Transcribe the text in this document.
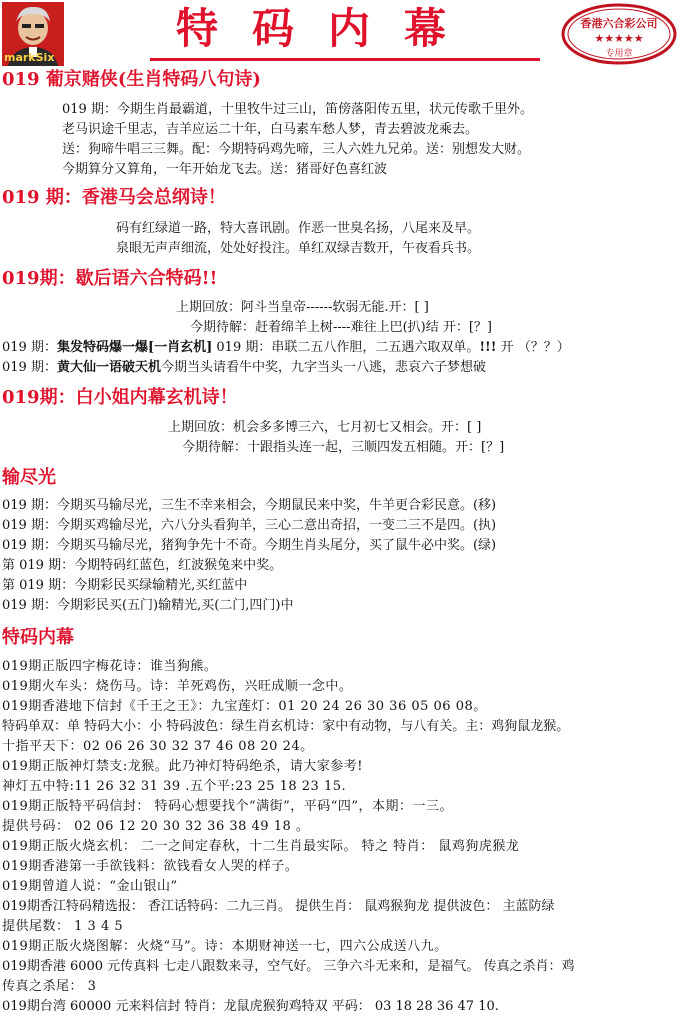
markSix
特码内幕	香港六合彩公司
★★★★★
专用章
019 葡京赌侠(生肖特码八句诗)
019 期：今期生肖最霸道，十里牧牛过三山，笛傍落阳传五里，状元传歌千里外。
老马识途千里志，吉羊应运二十年，白马素车愁人梦，青去碧波龙乘去。
送：狗啼牛唱三三舞。配：今期特码鸡先啼，三人六姓九兄弟。送：别想发大财。
今期算分又算角，一年开始龙飞去。送：猪哥好色喜红波
019 期：香港马会总纲诗！
码有红绿道一路，特大喜讯剧。作恶一世臭名扬，八尾来及早。
泉眼无声声细流，处处好投注。单红双绿吉数开，午夜看兵书。
019期：歇后语六合特码!!
上期回放：阿斗当皇帝------软弱无能.开：[ ]
今期待解：赶着绵羊上树----难往上巴(扒)结 开：[？]
019 期：集发特码爆一爆[一肖玄机] 019 期：串联二五八作胆，二五遇六取双单。!!! 开 （？？）
019 期：黄大仙一语破天机今期当头请看牛中奖，九字当头一八逃，悲哀六子梦想破
019期：白小姐内幕玄机诗！
上期回放：机会多多博三六，七月初七又相会。开：[ ]
今期待解：十跟指头连一起，三顺四发五相随。开：[？]
输尽光
019 期：今期买马输尽光，三生不幸来相会，今期鼠民来中奖，牛羊更合彩民意。(移)
019 期：今期买鸡输尽光，六八分头看狗羊，三心二意出奇招，一变二三不是四。(执)
019 期：今期买马输尽光，猪狗争先十不奇。今期生肖头尾分，买了鼠牛必中奖。(绿)
第 019 期：今期特码红蓝色，红波猴兔来中奖。
第 019 期：今期彩民买绿输精光,买红蓝中
019 期：今期彩民买(五门)输精光,买(二门,四门)中
特码内幕
019期正版四字梅花诗：谁当狗熊。
019期火车头：烧伤马。诗：羊死鸡伤，兴旺成顺一念中。
019期香港地下信封《千王之王》：九宝莲灯：01 20 24 26 30 36 05 06 08。
特码单双：单 特码大小：小 特码波色：绿生肖玄机诗：家中有动物，与八有关。主：鸡狗鼠龙猴。
十指平天下：02 06 26 30 32 37 46 08 20 24。
019期正版神灯禁支:龙猴。此乃神灯特码绝杀，请大家参考!
神灯五中特:11 26 32 31 39 .五个平:23 25 18 23 15.
019期正版特平码信封： 特码心想要找个“满街”，平码“四”，本期：一三。
提供号码： 02 06 12 20 30 32 36 38 49 18 。
019期正版火烧玄机： 二一之间定春秋，十二生肖最实际。 特之 特肖： 鼠鸡狗虎猴龙
019期香港第一手欲钱料：欲钱看女人哭的样子。
019期曾道人说：“金山银山”
019期香江特码精选报： 香江话特码：二九三肖。 提供生肖： 鼠鸡猴狗龙 提供波色： 主蓝防绿
提供尾数： 1 3 4 5
019期正版火烧图解：火烧“马”。诗：本期财神送一七，四六公成送八九。
019期香港 6000 元传真料 七走八跟数来寻，空气好。 三争六斗无来和，是福气。 传真之杀肖：鸡
传真之杀尾： 3
019期台湾 60000 元来料信封 特肖：龙鼠虎猴狗鸡特双 平码： 03 18 28 36 47 10.
